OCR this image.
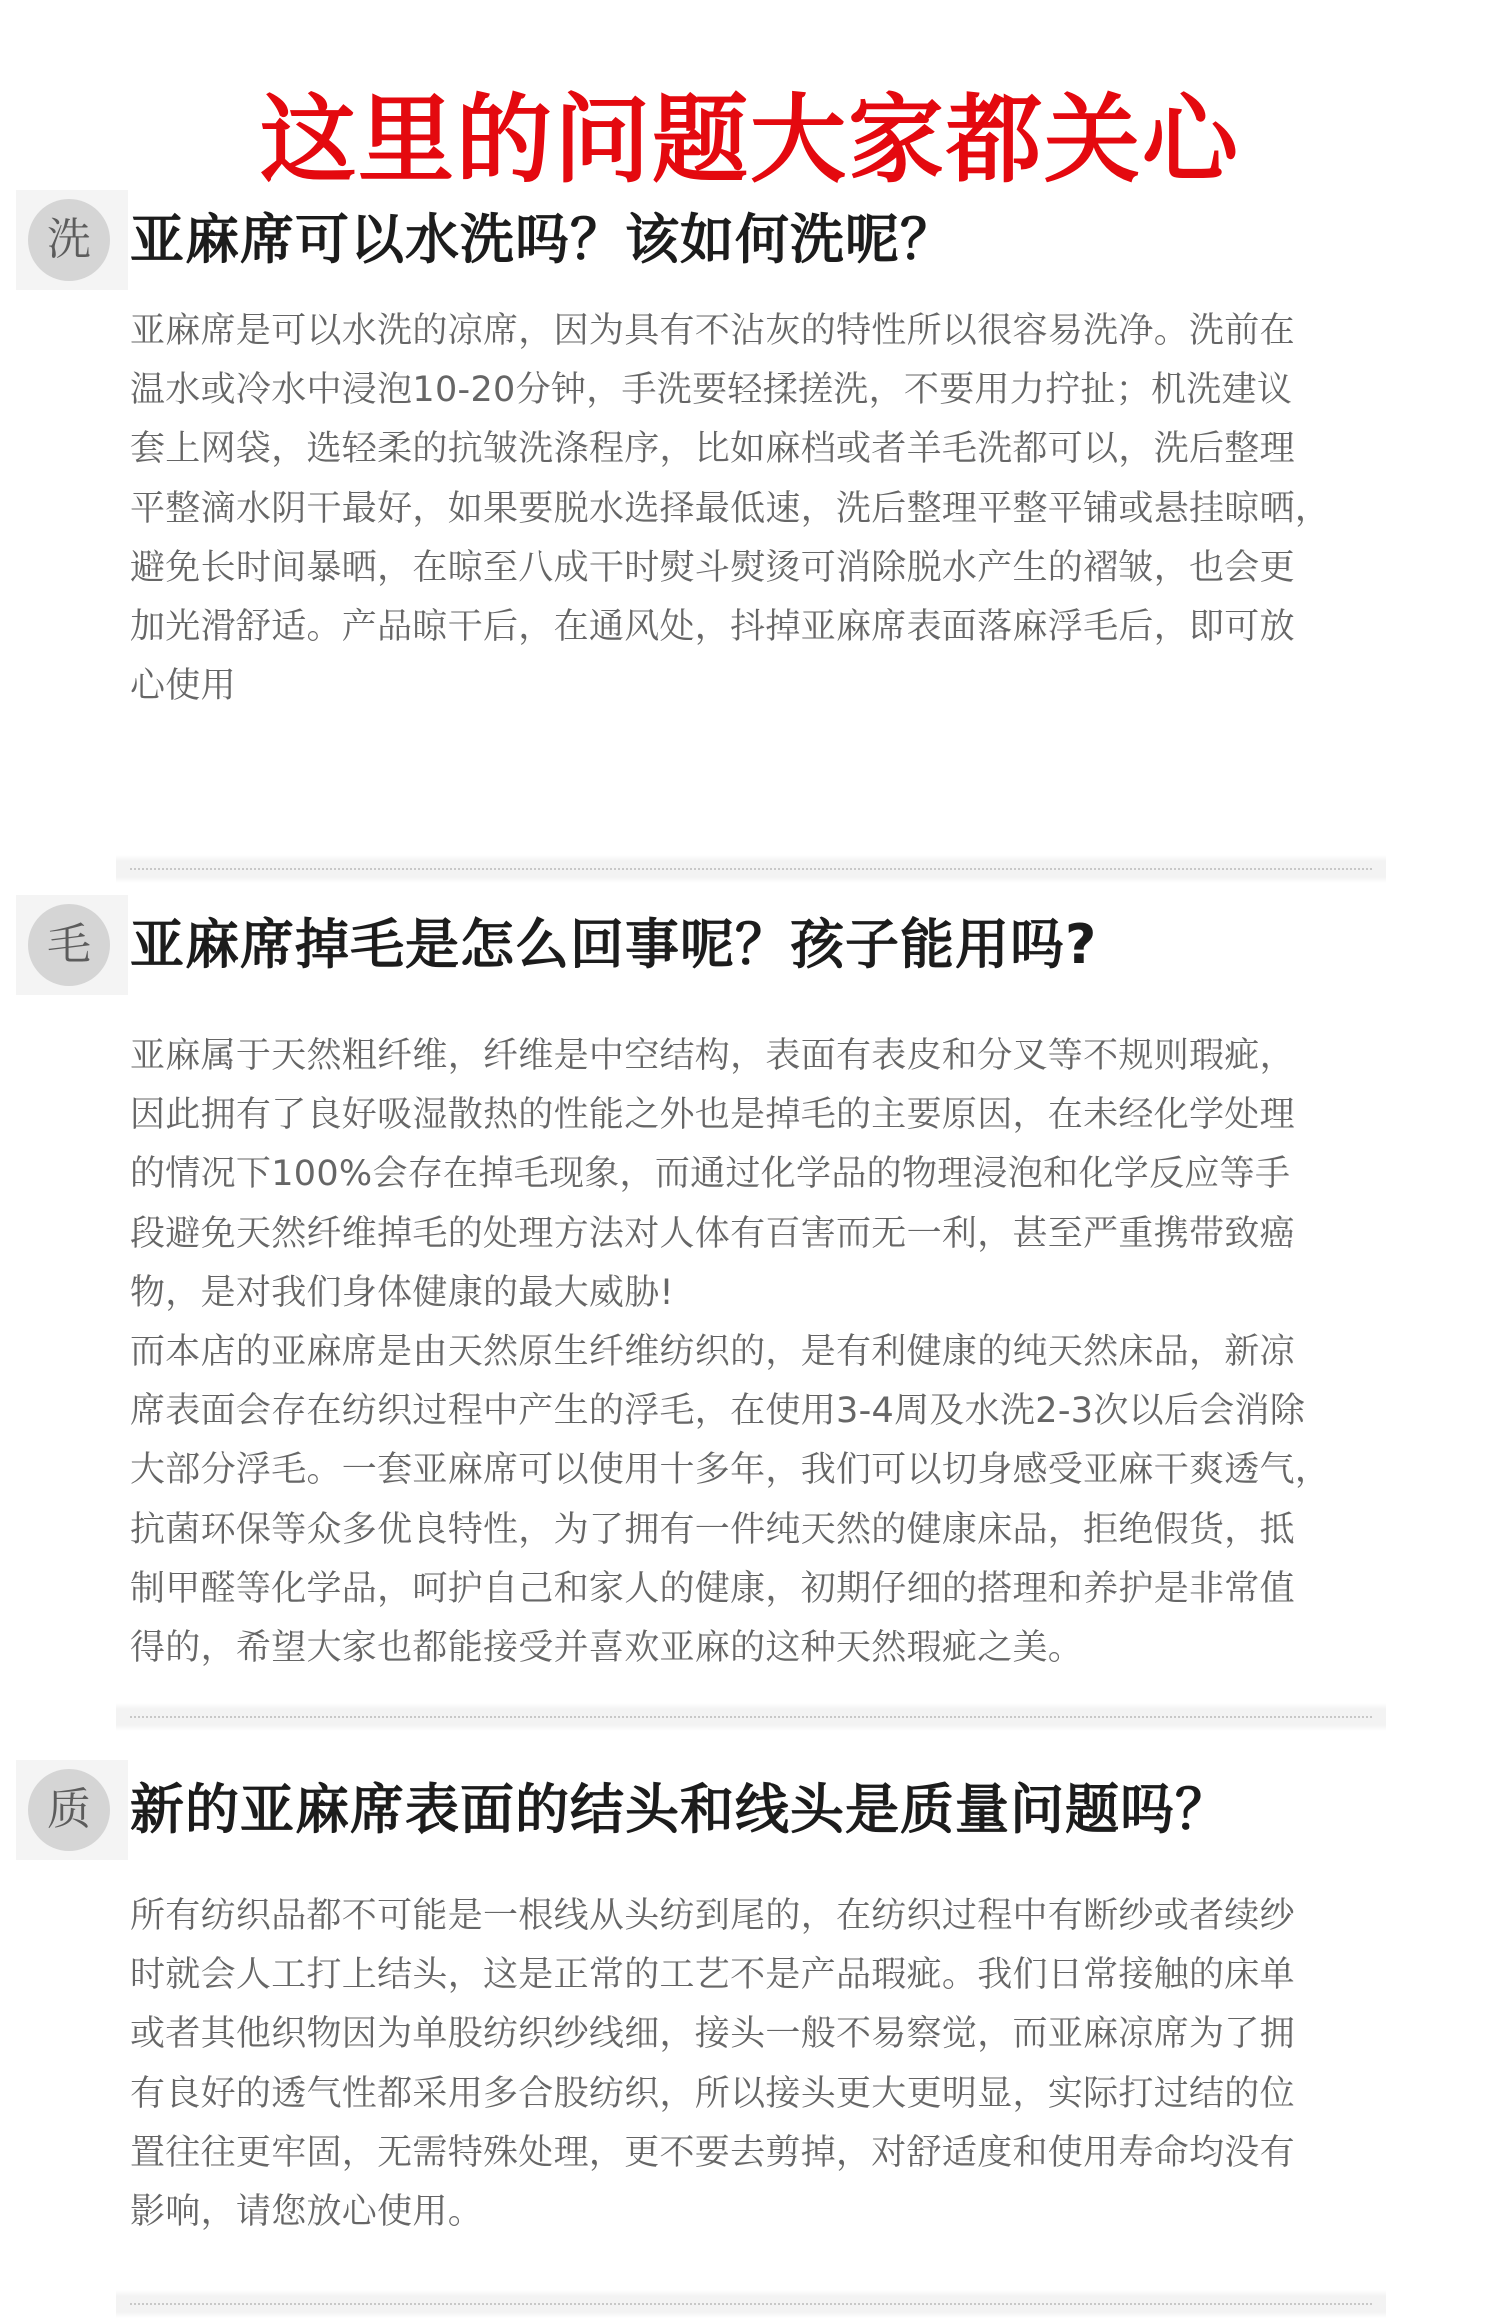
这里的问题大家都关心
洗 亚麻席可以水洗吗？该如何洗呢？

亚麻席是可以水洗的凉席，因为具有不沾灰的特性所以很容易洗净。洗前在

温水或冷水中浸泡10-20分钟，手洗要轻揉搓洗，不要用力拧扯；机洗建议

套上网袋，选轻柔的抗皱洗涤程序，比如麻档或者羊毛洗都可以，洗后整理

平整滴水阴干最好，如果要脱水选择最低速，洗后整理平整平铺或悬挂晾晒，

避免长时间暴晒，在晾至八成干时熨斗熨烫可消除脱水产生的褶皱，也会更

加光滑舒适。产品晾干后，在通风处，抖掉亚麻席表面落麻浮毛后，即可放

心使用

毛 亚麻席掉毛是怎么回事呢？孩子能用吗?

亚麻属于天然粗纤维，纤维是中空结构，表面有表皮和分叉等不规则瑕疵，

因此拥有了良好吸湿散热的性能之外也是掉毛的主要原因，在未经化学处理

的情况下100%会存在掉毛现象，而通过化学品的物理浸泡和化学反应等手

段避免天然纤维掉毛的处理方法对人体有百害而无一利，甚至严重携带致癌

物，是对我们身体健康的最大威胁!

而本店的亚麻席是由天然原生纤维纺织的，是有利健康的纯天然床品，新凉

席表面会存在纺织过程中产生的浮毛，在使用3-4周及水洗2-3次以后会消除

大部分浮毛。一套亚麻席可以使用十多年，我们可以切身感受亚麻干爽透气，

抗菌环保等众多优良特性，为了拥有一件纯天然的健康床品，拒绝假货，抵

制甲醛等化学品，呵护自己和家人的健康，初期仔细的搭理和养护是非常值

得的，希望大家也都能接受并喜欢亚麻的这种天然瑕疵之美。

质 新的亚麻席表面的结头和线头是质量问题吗？

所有纺织品都不可能是一根线从头纺到尾的，在纺织过程中有断纱或者续纱

时就会人工打上结头，这是正常的工艺不是产品瑕疵。我们日常接触的床单

或者其他织物因为单股纺织纱线细，接头一般不易察觉，而亚麻凉席为了拥

有良好的透气性都采用多合股纺织，所以接头更大更明显，实际打过结的位

置往往更牢固，无需特殊处理，更不要去剪掉，对舒适度和使用寿命均没有

影响，请您放心使用。
